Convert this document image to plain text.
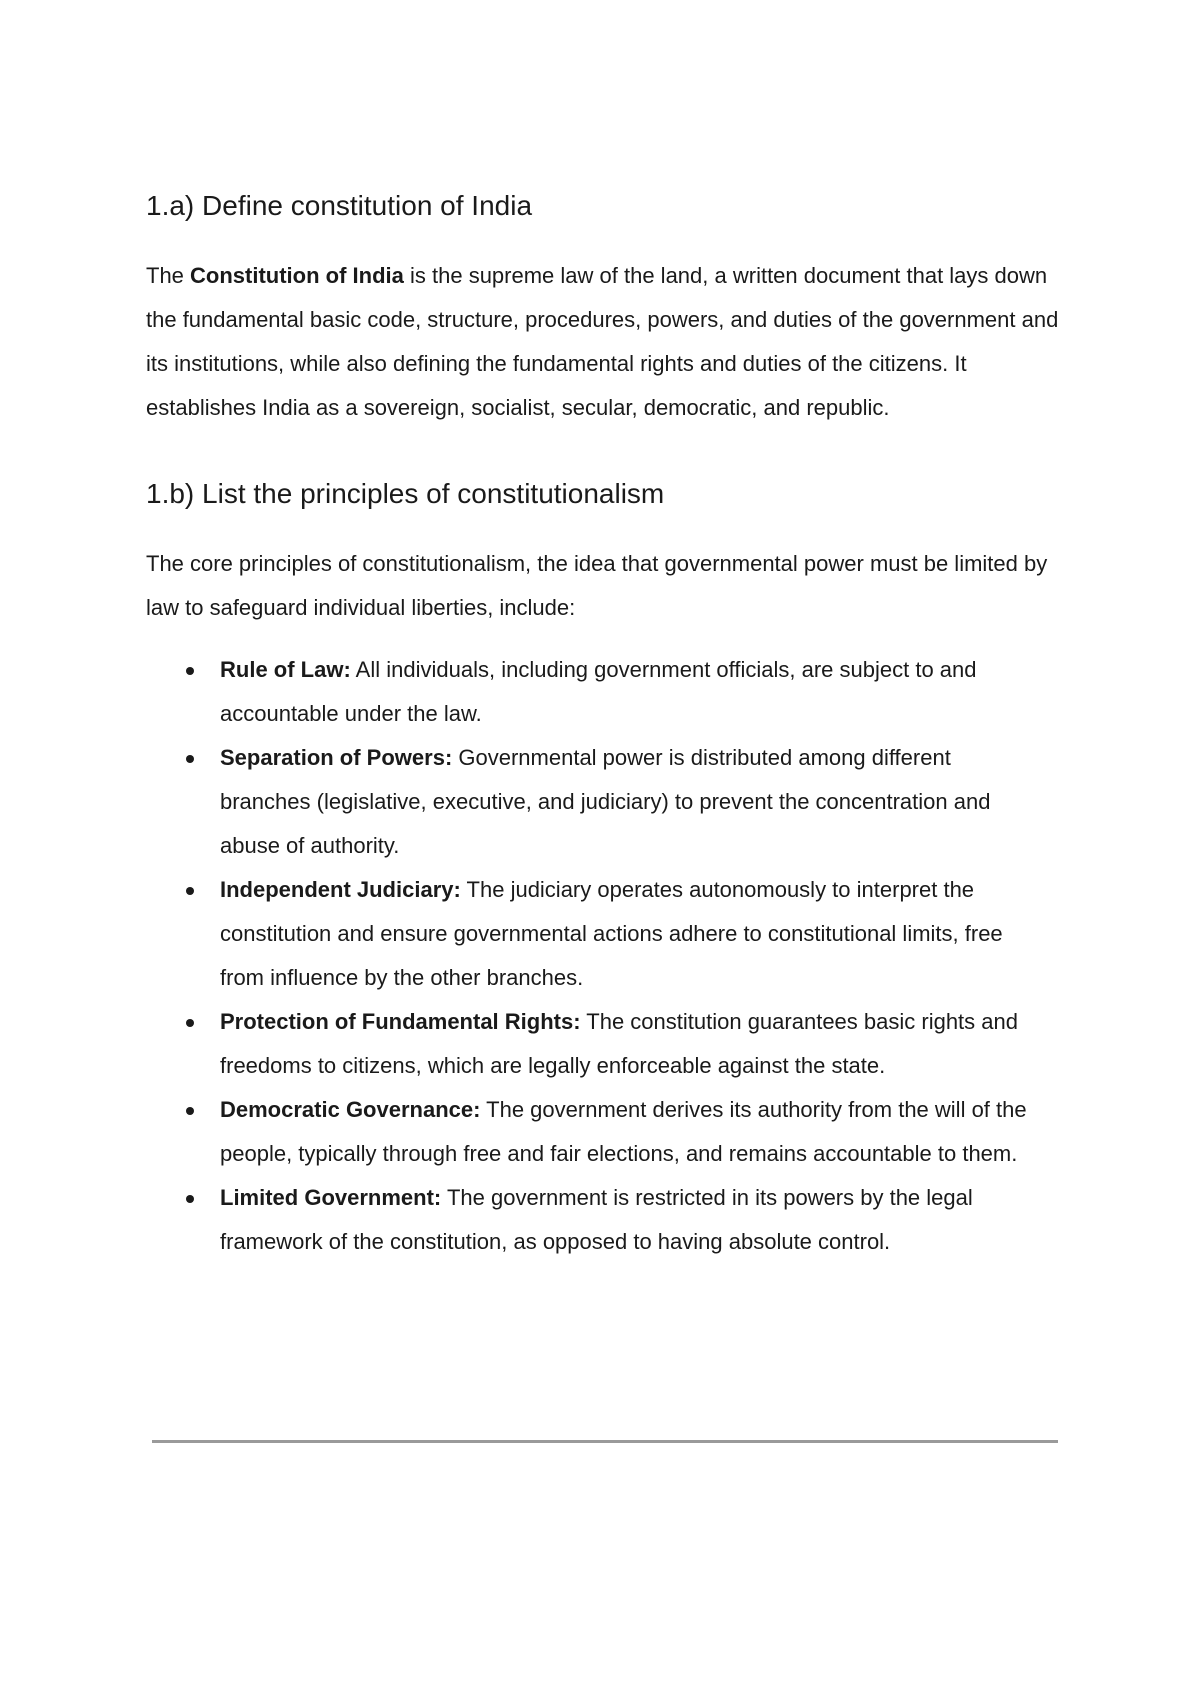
1.a) Define constitution of India

The Constitution of India is the supreme law of the land, a written document that lays down the fundamental basic code, structure, procedures, powers, and duties of the government and its institutions, while also defining the fundamental rights and duties of the citizens. It establishes India as a sovereign, socialist, secular, democratic, and republic.

1.b) List the principles of constitutionalism

The core principles of constitutionalism, the idea that governmental power must be limited by law to safeguard individual liberties, include:

Rule of Law: All individuals, including government officials, are subject to and accountable under the law.
Separation of Powers: Governmental power is distributed among different branches (legislative, executive, and judiciary) to prevent the concentration and abuse of authority.
Independent Judiciary: The judiciary operates autonomously to interpret the constitution and ensure governmental actions adhere to constitutional limits, free from influence by the other branches.
Protection of Fundamental Rights: The constitution guarantees basic rights and freedoms to citizens, which are legally enforceable against the state.
Democratic Governance: The government derives its authority from the will of the people, typically through free and fair elections, and remains accountable to them.
Limited Government: The government is restricted in its powers by the legal framework of the constitution, as opposed to having absolute control.
